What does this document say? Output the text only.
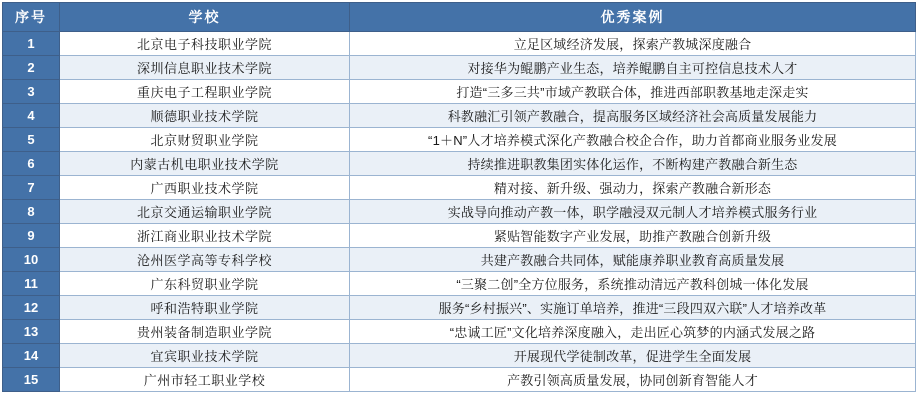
序号	学校	优秀案例
1	北京电子科技职业学院	立足区域经济发展，探索产教城深度融合
2	深圳信息职业技术学院	对接华为鲲鹏产业生态，培养鲲鹏自主可控信息技术人才
3	重庆电子工程职业学院	打造“三多三共”市域产教联合体，推进西部职教基地走深走实
4	顺德职业技术学院	科教融汇引领产教融合，提高服务区域经济社会高质量发展能力
5	北京财贸职业学院	“1＋N”人才培养模式深化产教融合校企合作，助力首都商业服务业发展
6	内蒙古机电职业技术学院	持续推进职教集团实体化运作，不断构建产教融合新生态
7	广西职业技术学院	精对接、新升级、强动力，探索产教融合新形态
8	北京交通运输职业学院	实战导向推动产教一体，职学融浸双元制人才培养模式服务行业
9	浙江商业职业技术学院	紧贴智能数字产业发展，助推产教融合创新升级
10	沧州医学高等专科学校	共建产教融合共同体，赋能康养职业教育高质量发展
11	广东科贸职业学院	“三聚二创”全方位服务，系统推动清远产教科创城一体化发展
12	呼和浩特职业学院	服务“乡村振兴”、实施订单培养，推进“三段四双六联”人才培养改革
13	贵州装备制造职业学院	“忠诚工匠”文化培养深度融入，走出匠心筑梦的内涵式发展之路
14	宜宾职业技术学院	开展现代学徒制改革，促进学生全面发展
15	广州市轻工职业学校	产教引领高质量发展，协同创新育智能人才
